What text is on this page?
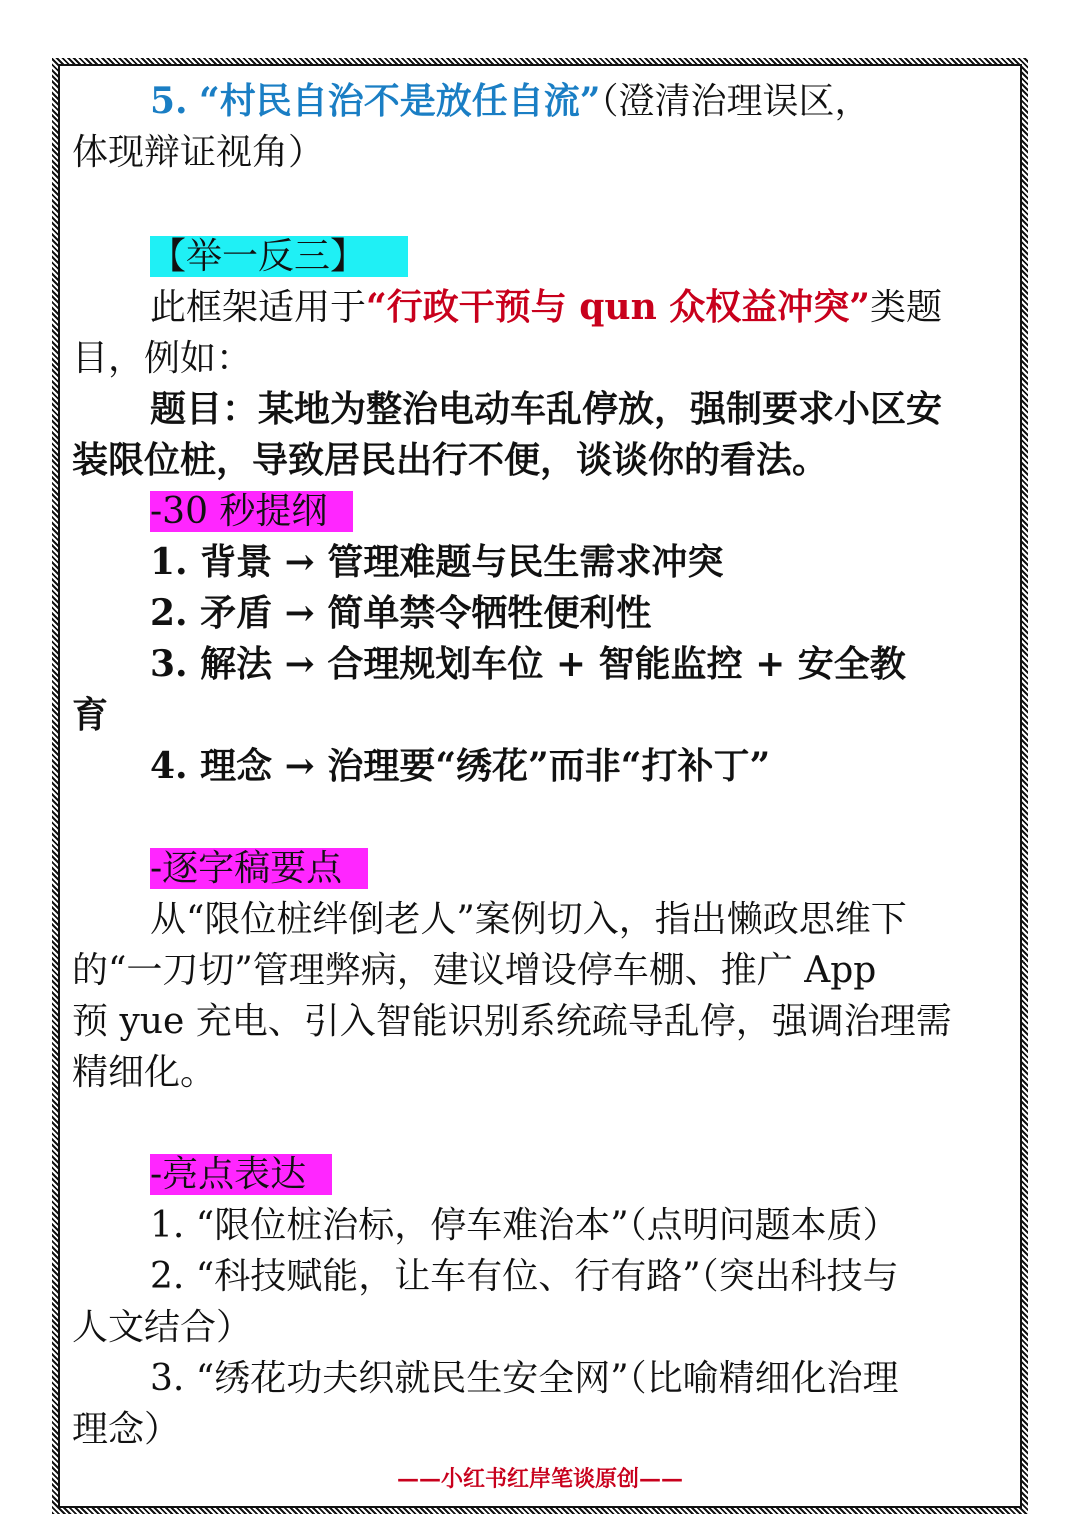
5. “村民自治不是放任自流”（澄清治理误区，

体现辩证视角）

【举一反三】

此框架适用于“行政干预与 qun 众权益冲突”类题

目，例如：

题目：某地为整治电动车乱停放，强制要求小区安

装限位桩，导致居民出行不便，谈谈你的看法。

-30 秒提纲

1. 背景 → 管理难题与民生需求冲突

2. 矛盾 → 简单禁令牺牲便利性

3. 解法 → 合理规划车位 + 智能监控 + 安全教

育

4. 理念 → 治理要“绣花”而非“打补丁”

-逐字稿要点

从“限位桩绊倒老人”案例切入，指出懒政思维下

的“一刀切”管理弊病，建议增设停车棚、推广 App

预 yue 充电、引入智能识别系统疏导乱停，强调治理需

精细化。

-亮点表达

1. “限位桩治标，停车难治本”（点明问题本质）

2. “科技赋能，让车有位、行有路”（突出科技与

人文结合）

3. “绣花功夫织就民生安全网”（比喻精细化治理

理念）

——小红书红岸笔谈原创——
